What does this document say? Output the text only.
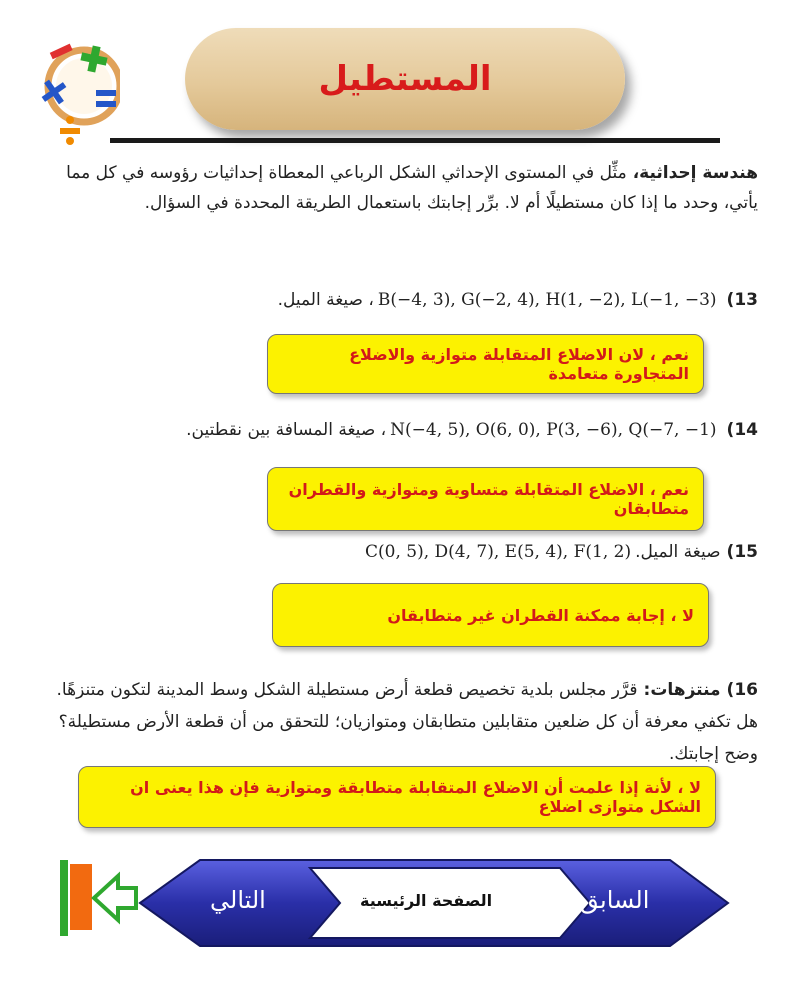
المستطيل
هندسة إحداثية،مثِّل في المستوى الإحداثي الشكل الرباعي المعطاة إحداثيات رؤوسه في كل مما يأتي، وحدد ما إذا كان مستطيلًا أم لا. برِّر إجابتك باستعمال الطريقة المحددة في السؤال.
13)B(−4, 3), G(−2, 4), H(1, −2), L(−1, −3)، صيغة الميل.
نعم ، لان الاضلاع المتقابلة متوازية والاضلاع المتجاورة متعامدة
14)N(−4, 5), O(6, 0), P(3, −6), Q(−7, −1)، صيغة المسافة بين نقطتين.
نعم ، الاضلاع المتقابلة متساوية ومتوازية والقطران متطابقان
15)صيغة الميل.C(0, 5), D(4, 7), E(5, 4), F(1, 2)
لا ، إجابة ممكنة القطران غير متطابقان
16)منتزهات:قرَّر مجلس بلدية تخصيص قطعة أرض مستطيلة الشكل وسط المدينة لتكون متنزهًا. هل تكفي معرفة أن كل ضلعين متقابلين متطابقان ومتوازيان؛ للتحقق من أن قطعة الأرض مستطيلة؟ وضح إجابتك.
لا ، لأنة إذا علمت أن الاضلاع المتقابلة متطابقة ومتوازية فإن هذا يعنى ان الشكل متوازى اضلاع
التالي	الصفحة الرئيسية	السابق
